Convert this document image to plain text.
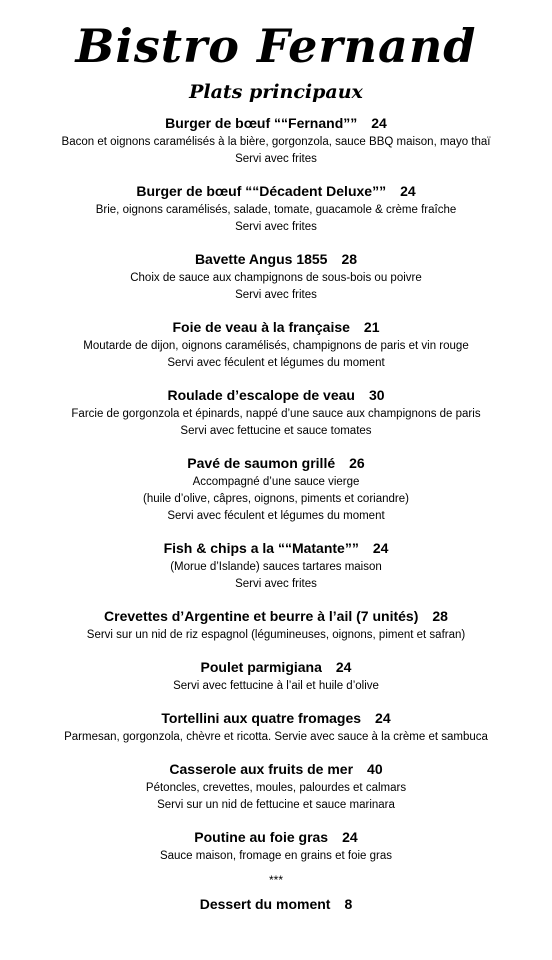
Bistro Fernand
Plats principaux
Burger de bœuf ““Fernand”” 24
Bacon et oignons caramélisés à la bière, gorgonzola, sauce BBQ maison, mayo thaï
Servi avec frites
Burger de bœuf ““Décadent Deluxe”” 24
Brie, oignons caramélisés, salade, tomate, guacamole & crème fraîche
Servi avec frites
Bavette Angus 1855 28
Choix de sauce aux champignons de sous-bois ou poivre
Servi avec frites
Foie de veau à la française 21
Moutarde de dijon, oignons caramélisés, champignons de paris et vin rouge
Servi avec féculent et légumes du moment
Roulade d’escalope de veau 30
Farcie de gorgonzola et épinards, nappé d’une sauce aux champignons de paris
Servi avec fettucine et sauce tomates
Pavé de saumon grillé 26
Accompagné d’une sauce vierge
(huile d’olive, câpres, oignons, piments et coriandre)
Servi avec féculent et légumes du moment
Fish & chips a la ““Matante”” 24
(Morue d’Islande) sauces tartares maison
Servi avec frites
Crevettes d’Argentine et beurre à l’ail (7 unités) 28
Servi sur un nid de riz espagnol (légumineuses, oignons, piment et safran)
Poulet parmigiana 24
Servi avec fettucine à l’ail et huile d’olive
Tortellini aux quatre fromages 24
Parmesan, gorgonzola, chèvre et ricotta. Servie avec sauce à la crème et sambuca
Casserole aux fruits de mer 40
Pétoncles, crevettes, moules, palourdes et calmars
Servi sur un nid de fettucine et sauce marinara
Poutine au foie gras 24
Sauce maison, fromage en grains et foie gras
***
Dessert du moment 8
